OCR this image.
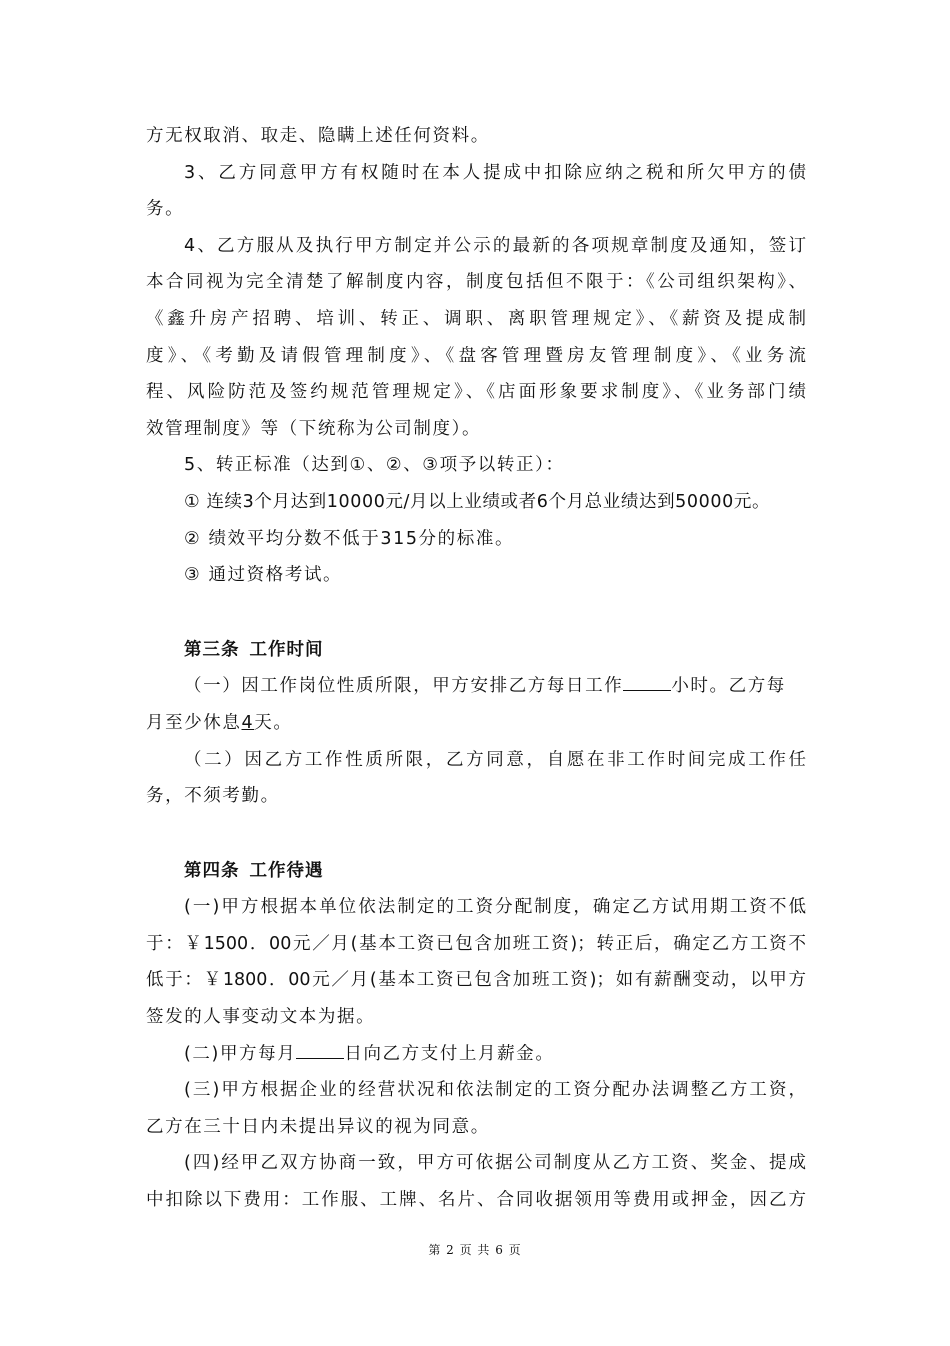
方无权取消、取走、隐瞒上述任何资料。
3、乙方同意甲方有权随时在本人提成中扣除应纳之税和所欠甲方的债
务。
4、乙方服从及执行甲方制定并公示的最新的各项规章制度及通知，签订
本合同视为完全清楚了解制度内容，制度包括但不限于：《公司组织架构》、
《鑫升房产招聘、培训、转正、调职、离职管理规定》、《薪资及提成制
度》、《考勤及请假管理制度》、《盘客管理暨房友管理制度》、《业务流
程、风险防范及签约规范管理规定》、《店面形象要求制度》、《业务部门绩
效管理制度》等（下统称为公司制度）。
5、转正标准（达到①、②、③项予以转正）：
① 连续3个月达到10000元/月以上业绩或者6个月总业绩达到50000元。
② 绩效平均分数不低于315分的标准。
③ 通过资格考试。
第三条 工作时间
（一）因工作岗位性质所限，甲方安排乙方每日工作	小时。乙方每
月至少休息4天。
（二）因乙方工作性质所限，乙方同意，自愿在非工作时间完成工作任
务，不须考勤。
第四条 工作待遇
(一)甲方根据本单位依法制定的工资分配制度，确定乙方试用期工资不低
于：￥1500．00元／月(基本工资已包含加班工资)；转正后，确定乙方工资不
低于：￥1800．00元／月(基本工资已包含加班工资)；如有薪酬变动，以甲方
签发的人事变动文本为据。
(二)甲方每月	日向乙方支付上月薪金。
(三)甲方根据企业的经营状况和依法制定的工资分配办法调整乙方工资，
乙方在三十日内未提出异议的视为同意。
(四)经甲乙双方协商一致，甲方可依据公司制度从乙方工资、奖金、提成
中扣除以下费用：工作服、工牌、名片、合同收据领用等费用或押金，因乙方
第 2 页 共 6 页
